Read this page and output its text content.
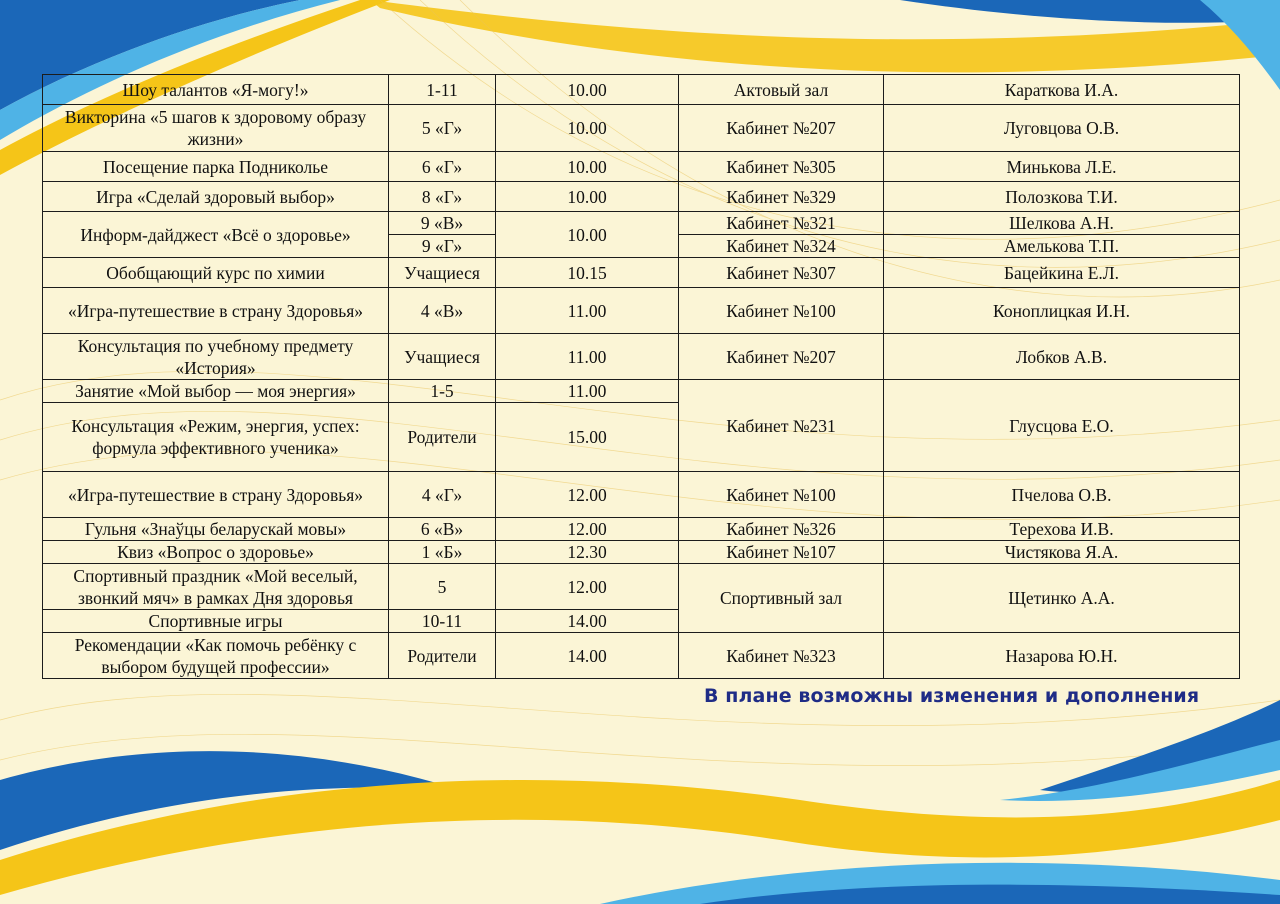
Шоу талантов «Я-могу!»	1-11	10.00	Актовый зал	Караткова И.А.
Викторина «5 шагов к здоровому образу жизни»	5 «Г»	10.00	Кабинет №207	Луговцова О.В.
Посещение парка Подниколье	6 «Г»	10.00	Кабинет №305	Минькова Л.Е.
Игра «Сделай здоровый выбор»	8 «Г»	10.00	Кабинет №329	Полозкова Т.И.
Информ-дайджест «Всё о здоровье»	9 «В»	10.00	Кабинет №321	Шелкова А.Н.
	9 «Г»		Кабинет №324	Амелькова Т.П.
Обобщающий курс по химии	Учащиеся	10.15	Кабинет №307	Бацейкина Е.Л.
«Игра-путешествие в страну Здоровья»	4 «В»	11.00	Кабинет №100	Коноплицкая И.Н.
Консультация по учебному предмету «История»	Учащиеся	11.00	Кабинет №207	Лобков А.В.
Занятие «Мой выбор — моя энергия»	1-5	11.00	Кабинет №231	Глусцова Е.О.
Консультация «Режим, энергия, успех: формула эффективного ученика»	Родители	15.00		
«Игра-путешествие в страну Здоровья»	4 «Г»	12.00	Кабинет №100	Пчелова О.В.
Гульня «Знаўцы беларускай мовы»	6 «В»	12.00	Кабинет №326	Терехова И.В.
Квиз «Вопрос о здоровье»	1 «Б»	12.30	Кабинет №107	Чистякова Я.А.
Спортивный праздник «Мой веселый, звонкий мяч» в рамках Дня здоровья	5	12.00	Спортивный зал	Щетинко А.А.
Спортивные игры	10-11	14.00		
Рекомендации «Как помочь ребёнку с выбором будущей профессии»	Родители	14.00	Кабинет №323	Назарова Ю.Н.
В плане возможны изменения и дополнения
